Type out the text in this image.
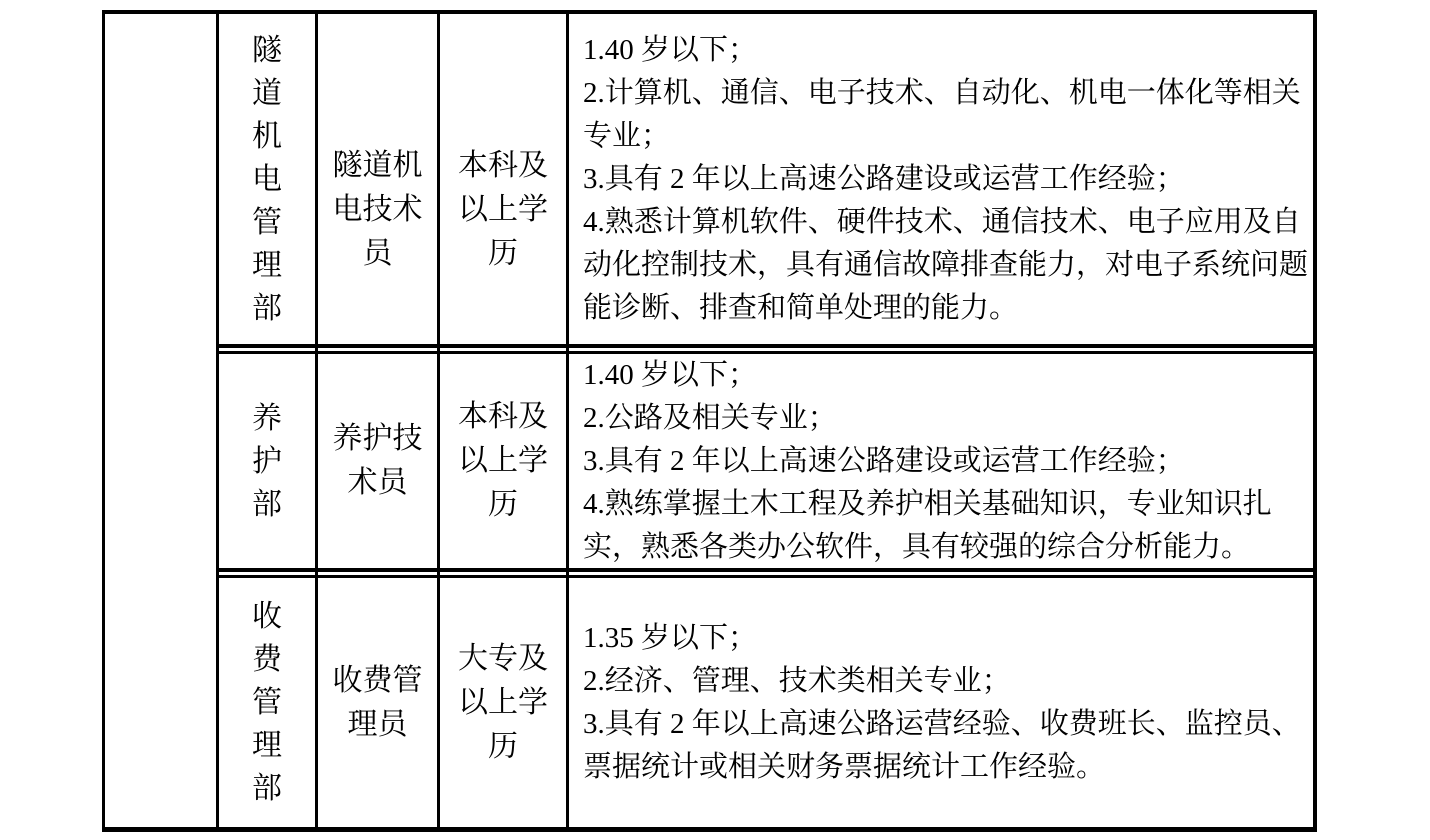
隧道机电管理部
隧道机电技术员
本科及以上学历
1.40 岁以下；
2.计算机、通信、电子技术、自动化、机电一体化等相关
专业；
3.具有 2 年以上高速公路建设或运营工作经验；
4.熟悉计算机软件、硬件技术、通信技术、电子应用及自
动化控制技术，具有通信故障排查能力，对电子系统问题
能诊断、排查和简单处理的能力。
养护部
养护技术员
本科及以上学历
1.40 岁以下；
2.公路及相关专业；
3.具有 2 年以上高速公路建设或运营工作经验；
4.熟练掌握土木工程及养护相关基础知识，专业知识扎
实，熟悉各类办公软件，具有较强的综合分析能力。
收费管理部
收费管理员
大专及以上学历
1.35 岁以下；
2.经济、管理、技术类相关专业；
3.具有 2 年以上高速公路运营经验、收费班长、监控员、
票据统计或相关财务票据统计工作经验。
